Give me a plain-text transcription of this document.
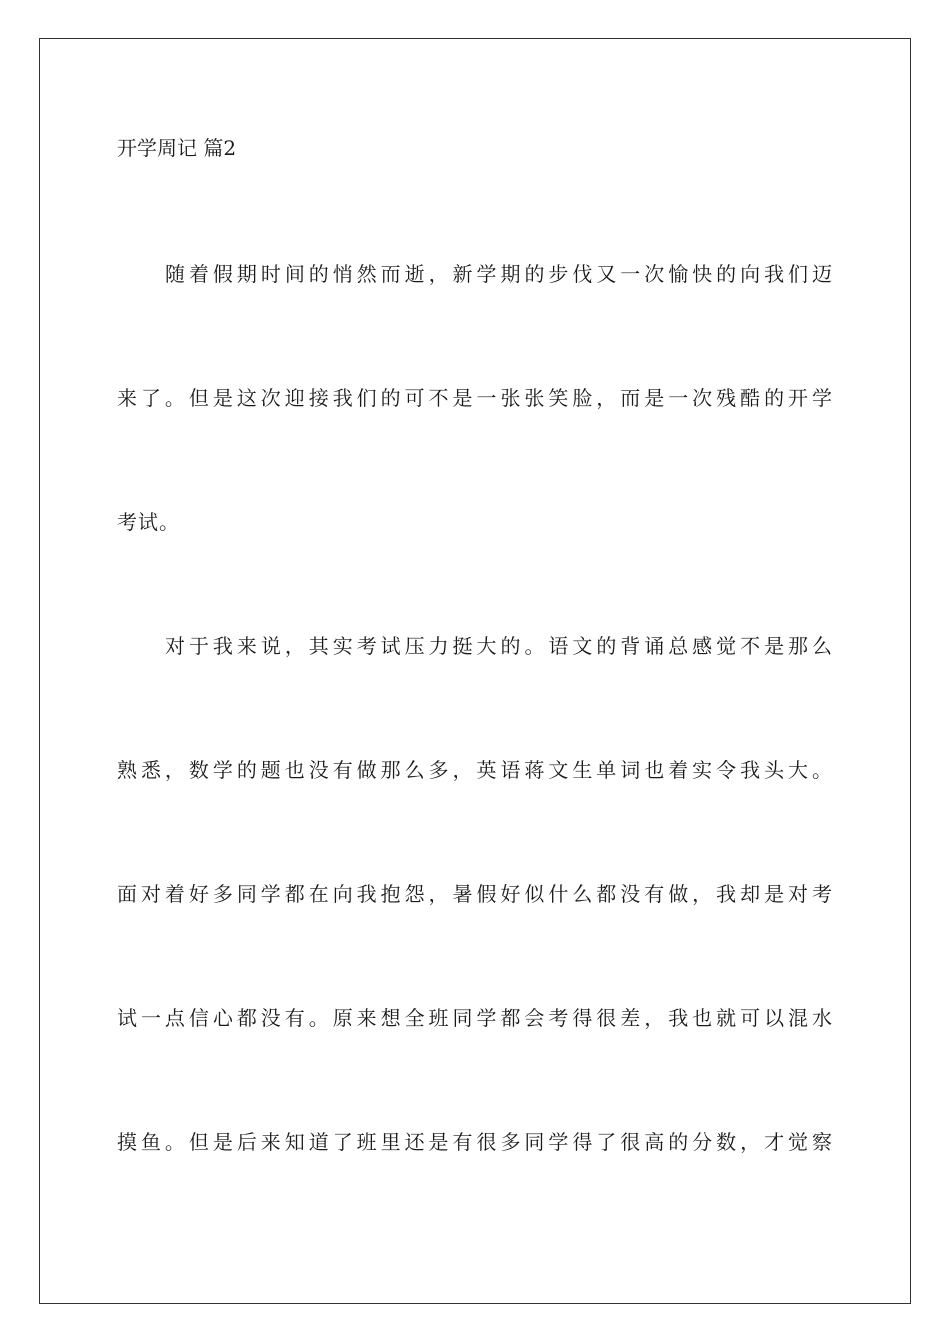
开学周记 篇2
随着假期时间的悄然而逝，新学期的步伐又一次愉快的向我们迈
来了。但是这次迎接我们的可不是一张张笑脸，而是一次残酷的开学
考试。
对于我来说，其实考试压力挺大的。语文的背诵总感觉不是那么
熟悉，数学的题也没有做那么多，英语蒋文生单词也着实令我头大。
面对着好多同学都在向我抱怨，暑假好似什么都没有做，我却是对考
试一点信心都没有。原来想全班同学都会考得很差，我也就可以混水
摸鱼。但是后来知道了班里还是有很多同学得了很高的分数，才觉察
